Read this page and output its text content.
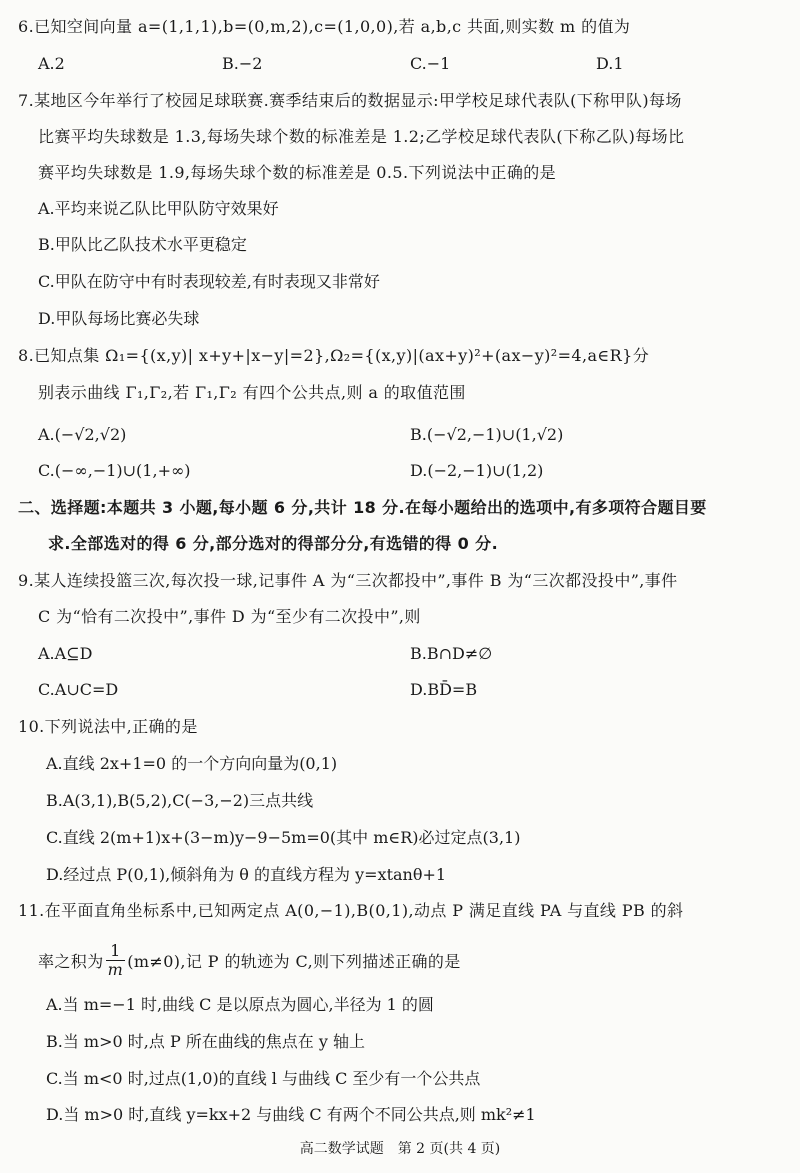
6.已知空间向量 a=(1,1,1),b=(0,m,2),c=(1,0,0),若 a,b,c 共面,则实数 m 的值为
A.2	B.−2	C.−1	D.1
7.某地区今年举行了校园足球联赛.赛季结束后的数据显示:甲学校足球代表队(下称甲队)每场
比赛平均失球数是 1.3,每场失球个数的标准差是 1.2;乙学校足球代表队(下称乙队)每场比
赛平均失球数是 1.9,每场失球个数的标准差是 0.5.下列说法中正确的是
A.平均来说乙队比甲队防守效果好
B.甲队比乙队技术水平更稳定
C.甲队在防守中有时表现较差,有时表现又非常好
D.甲队每场比赛必失球
8.已知点集 Ω₁={(x,y)| x+y+|x−y|=2},Ω₂={(x,y)|(ax+y)²+(ax−y)²=4,a∈R}分
别表示曲线 Γ₁,Γ₂,若 Γ₁,Γ₂ 有四个公共点,则 a 的取值范围
A.(−√2,√2)	B.(−√2,−1)∪(1,√2)
C.(−∞,−1)∪(1,+∞)	D.(−2,−1)∪(1,2)
二、选择题:本题共 3 小题,每小题 6 分,共计 18 分.在每小题给出的选项中,有多项符合题目要
求.全部选对的得 6 分,部分选对的得部分分,有选错的得 0 分.
9.某人连续投篮三次,每次投一球,记事件 A 为“三次都投中”,事件 B 为“三次都没投中”,事件
C 为“恰有二次投中”,事件 D 为“至少有二次投中”,则
A.A⊆D	B.B∩D≠∅
C.A∪C=D	D.BD̄=B
10.下列说法中,正确的是
A.直线 2x+1=0 的一个方向向量为(0,1)
B.A(3,1),B(5,2),C(−3,−2)三点共线
C.直线 2(m+1)x+(3−m)y−9−5m=0(其中 m∈R)必过定点(3,1)
D.经过点 P(0,1),倾斜角为 θ 的直线方程为 y=xtanθ+1
11.在平面直角坐标系中,已知两定点 A(0,−1),B(0,1),动点 P 满足直线 PA 与直线 PB 的斜
率之积为 $\frac{1}{m} (m\ne 0)$,记 P 的轨迹为 C,则下列描述正确的是
A.当 m=−1 时,曲线 C 是以原点为圆心,半径为 1 的圆
B.当 m>0 时,点 P 所在曲线的焦点在 y 轴上
C.当 m<0 时,过点(1,0)的直线 l 与曲线 C 至少有一个公共点
D.当 m>0 时,直线 y=kx+2 与曲线 C 有两个不同公共点,则 mk²≠1
高二数学试题　第 2 页(共 4 页)
